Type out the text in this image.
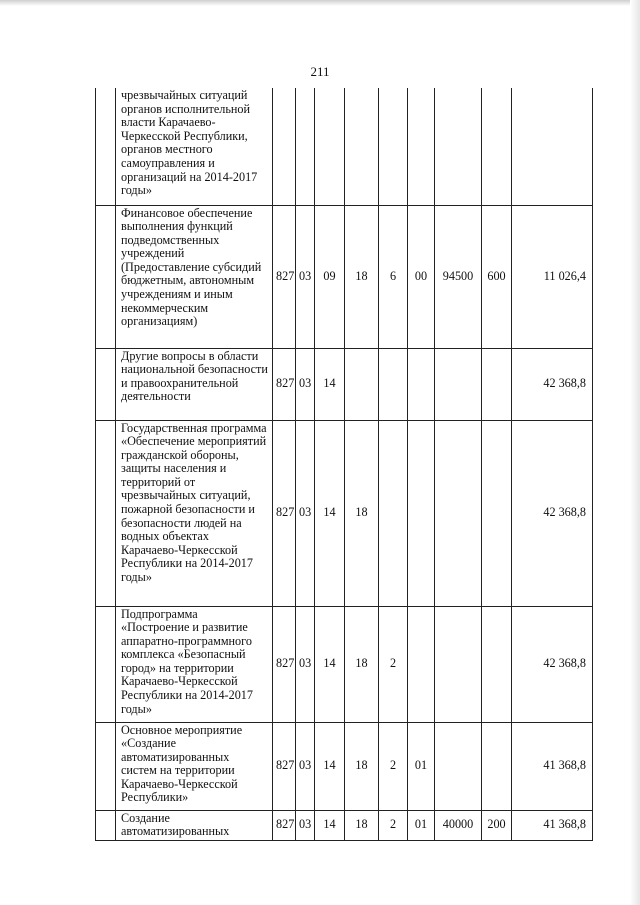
211
	чрезвычайных ситуаций органов исполнительной власти Карачаево-Черкесской Республики, органов местного самоуправления и организаций на 2014-2017 годы»									
	Финансовое обеспечение выполнения функций подведомственных учреждений (Предоставление субсидий бюджетным, автономным учреждениям и иным некоммерческим организациям)	827	03	09	18	6	00	94500	600	11 026,4
	Другие вопросы в области национальной безопасности и правоохранительной деятельности	827	03	14						42 368,8
	Государственная программа «Обеспечение мероприятий гражданской обороны, защиты населения и территорий от чрезвычайных ситуаций, пожарной безопасности и безопасности людей на водных объектах Карачаево-Черкесской Республики на 2014-2017 годы»	827	03	14	18					42 368,8
	Подпрограмма «Построение и развитие аппаратно-программного комплекса «Безопасный город» на территории Карачаево-Черкесской Республики на 2014-2017 годы»	827	03	14	18	2				42 368,8
	Основное мероприятие «Создание автоматизированных систем на территории Карачаево-Черкесской Республики»	827	03	14	18	2	01			41 368,8
	Создание автоматизированных	827	03	14	18	2	01	40000	200	41 368,8
